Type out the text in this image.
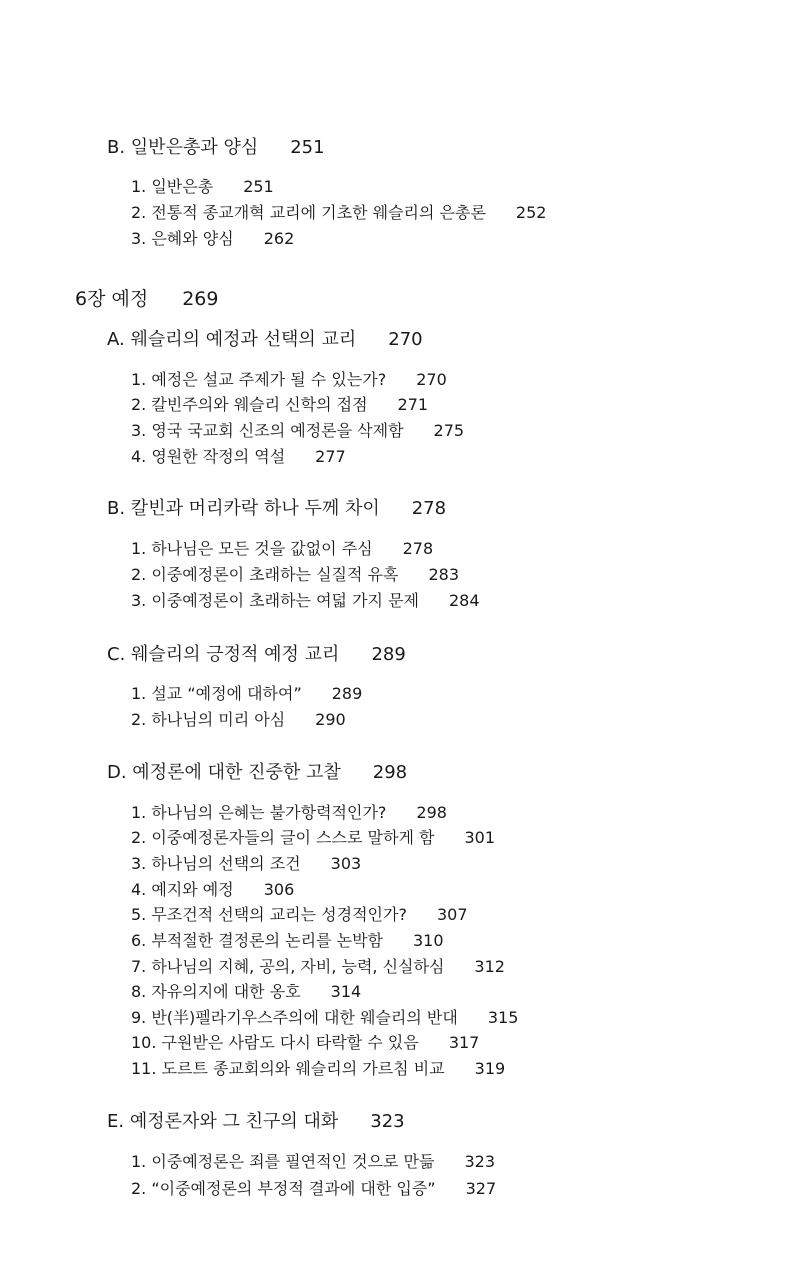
B. 일반은총과 양심 251
1. 일반은총 251
2. 전통적 종교개혁 교리에 기초한 웨슬리의 은총론 252
3. 은혜와 양심 262
6장 예정 269
A. 웨슬리의 예정과 선택의 교리 270
1. 예정은 설교 주제가 될 수 있는가? 270
2. 칼빈주의와 웨슬리 신학의 접점 271
3. 영국 국교회 신조의 예정론을 삭제함 275
4. 영원한 작정의 역설 277
B. 칼빈과 머리카락 하나 두께 차이 278
1. 하나님은 모든 것을 값없이 주심 278
2. 이중예정론이 초래하는 실질적 유혹 283
3. 이중예정론이 초래하는 여덟 가지 문제 284
C. 웨슬리의 긍정적 예정 교리 289
1. 설교 “예정에 대하여” 289
2. 하나님의 미리 아심 290
D. 예정론에 대한 진중한 고찰 298
1. 하나님의 은혜는 불가항력적인가? 298
2. 이중예정론자들의 글이 스스로 말하게 함 301
3. 하나님의 선택의 조건 303
4. 예지와 예정 306
5. 무조건적 선택의 교리는 성경적인가? 307
6. 부적절한 결정론의 논리를 논박함 310
7. 하나님의 지혜, 공의, 자비, 능력, 신실하심 312
8. 자유의지에 대한 옹호 314
9. 반(半)펠라기우스주의에 대한 웨슬리의 반대 315
10. 구원받은 사람도 다시 타락할 수 있음 317
11. 도르트 종교회의와 웨슬리의 가르침 비교 319
E. 예정론자와 그 친구의 대화 323
1. 이중예정론은 죄를 필연적인 것으로 만듦 323
2. “이중예정론의 부정적 결과에 대한 입증” 327
